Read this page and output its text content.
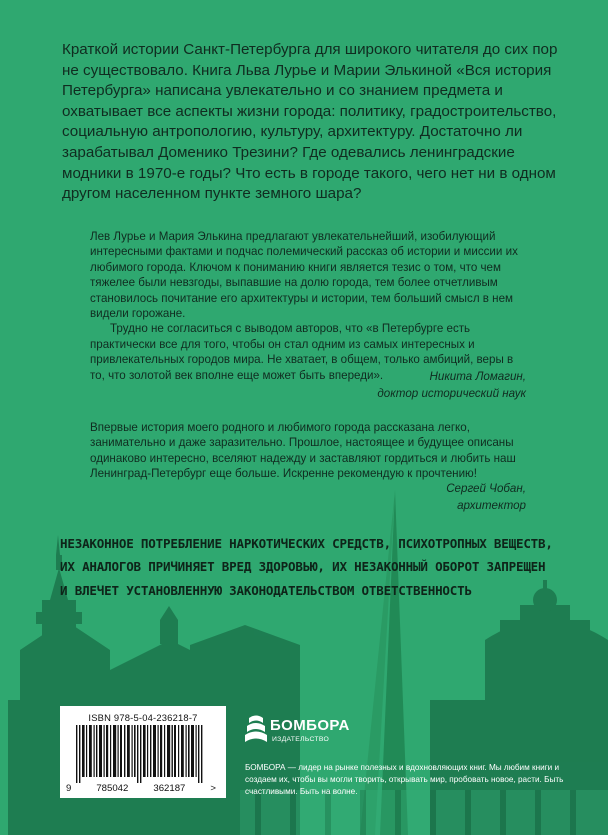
Краткой истории Санкт-Петербурга для широкого читателя до сих пор не существовало. Книга Льва Лурье и Марии Элькиной «Вся история Петербурга» написана увлекательно и со знанием предмета и охватывает все аспекты жизни города: политику, градостроительство, социальную антропологию, культуру, архитектуру. Достаточно ли зарабатывал Доменико Трезини? Где одевались ленинградские модники в 1970-е годы? Что есть в городе такого, чего нет ни в одном другом населенном пункте земного шара?

Лев Лурье и Мария Элькина предлагают увлекательнейший, изобилующий интересными фактами и подчас полемический рассказ об истории и миссии их любимого города. Ключом к пониманию книги является тезис о том, что чем тяжелее были невзгоды, выпавшие на долю города, тем более отчетливым становилось почитание его архитектуры и истории, тем больший смысл в нем видели горожане.

Трудно не согласиться с выводом авторов, что «в Петербурге есть практически все для того, чтобы он стал одним из самых интересных и привлекательных городов мира. Не хватает, в общем, только амбиций, веры в то, что золотой век вполне еще может быть впереди».	Никита Ломагин,
доктор исторический наук

Впервые история моего родного и любимого города рассказана легко, занимательно и даже заразительно. Прошлое, настоящее и будущее описаны одинаково интересно, вселяют надежду и заставляют гордиться и любить наш Ленинград-Петербург еще больше. Искренне рекомендую к прочтению!

Сергей Чобан,
архитектор

НЕЗАКОННОЕ ПОТРЕБЛЕНИЕ НАРКОТИЧЕСКИХ СРЕДСТВ, ПСИХОТРОПНЫХ ВЕЩЕСТВ, ИХ АНАЛОГОВ ПРИЧИНЯЕТ ВРЕД ЗДОРОВЬЮ, ИХ НЕЗАКОННЫЙ ОБОРОТ ЗАПРЕЩЕН И ВЛЕЧЕТ УСТАНОВЛЕННУЮ ЗАКОНОДАТЕЛЬСТВОМ ОТВЕТСТВЕННОСТЬ

ISBN 978-5-04-236218-7
9	785042	362187	>
БОМБОРА
ИЗДАТЕЛЬСТВО

БОМБОРА — лидер на рынке полезных и вдохновляющих книг. Мы любим книги и создаем их, чтобы вы могли творить, открывать мир, пробовать новое, расти. Быть счастливыми. Быть на волне.
